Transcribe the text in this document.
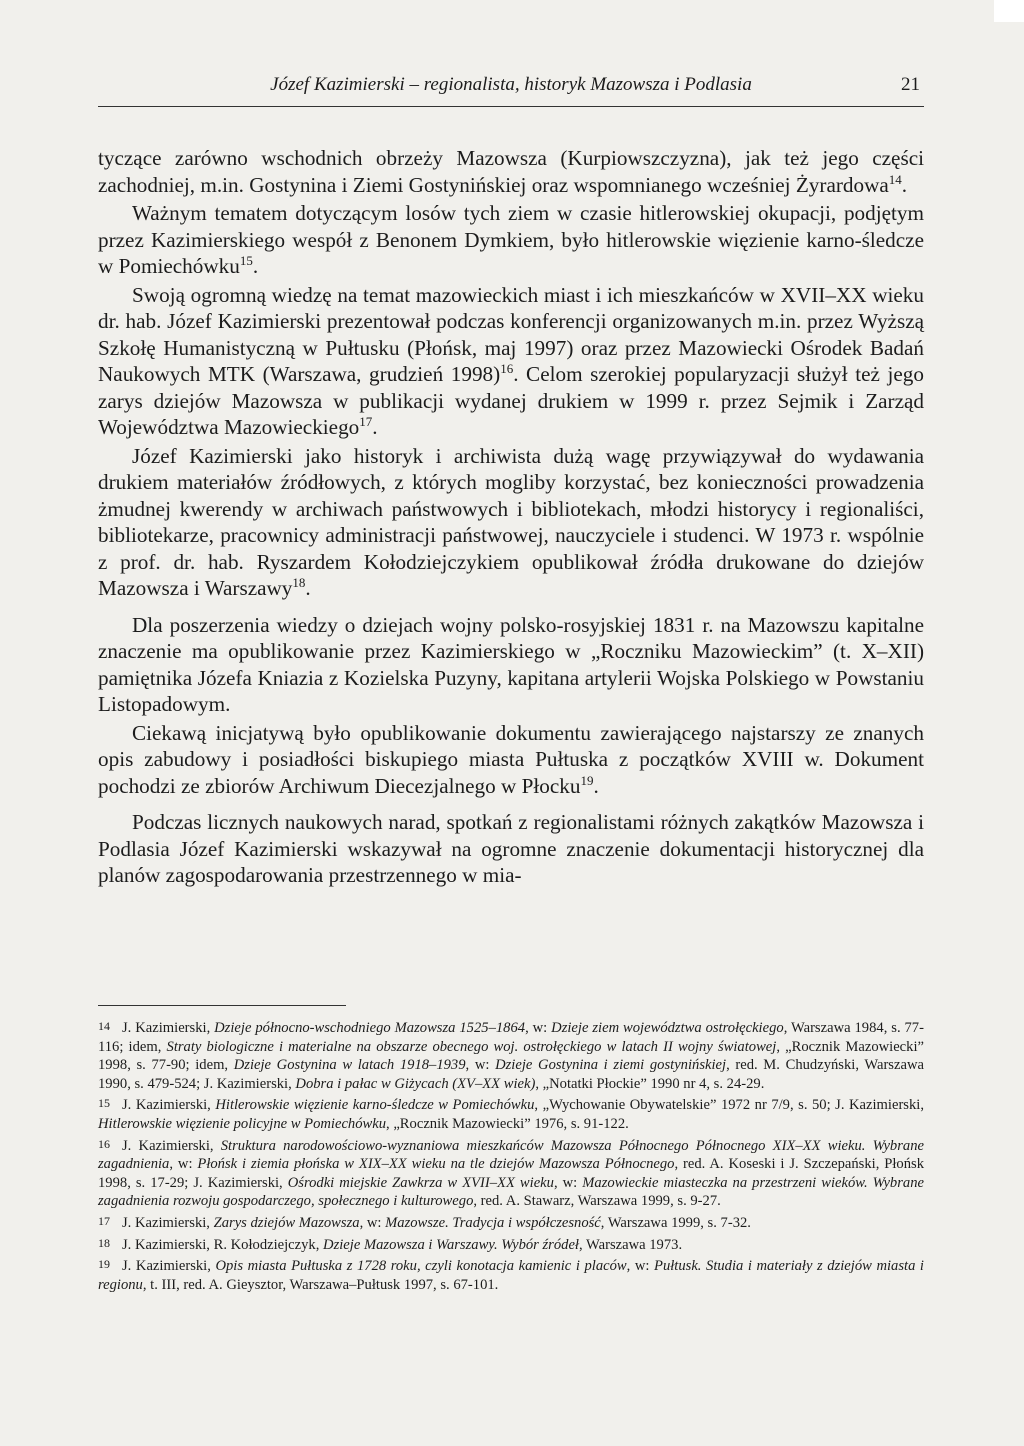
Józef Kazimierski – regionalista, historyk Mazowsza i Podlasia	21

tyczące zarówno wschodnich obrzeży Mazowsza (Kurpiowszczyzna), jak też jego części zachodniej, m.in. Gostynina i Ziemi Gostynińskiej oraz wspomnianego wcześniej Żyrardowa$^{14}$.

Ważnym tematem dotyczącym losów tych ziem w czasie hitlerowskiej okupacji, podjętym przez Kazimierskiego wespół z Benonem Dymkiem, było hitlerowskie więzienie karno-śledcze w Pomiechówku$^{15}$.

Swoją ogromną wiedzę na temat mazowieckich miast i ich mieszkańców w XVII–XX wieku dr. hab. Józef Kazimierski prezentował podczas konferencji organizowanych m.in. przez Wyższą Szkołę Humanistyczną w Pułtusku (Płońsk, maj 1997) oraz przez Mazowiecki Ośrodek Badań Naukowych MTK (Warszawa, grudzień 1998)$^{16}$. Celom szerokiej popularyzacji służył też jego zarys dziejów Mazowsza w publikacji wydanej drukiem w 1999 r. przez Sejmik i Zarząd Województwa Mazowieckiego$^{17}$.

Józef Kazimierski jako historyk i archiwista dużą wagę przywiązywał do wydawania drukiem materiałów źródłowych, z których mogliby korzystać, bez konieczności prowadzenia żmudnej kwerendy w archiwach państwowych i bibliotekach, młodzi historycy i regionaliści, bibliotekarze, pracownicy administracji państwowej, nauczyciele i studenci. W 1973 r. wspólnie z prof. dr. hab. Ryszardem Kołodziejczykiem opublikował źródła drukowane do dziejów Mazowsza i Warszawy$^{18}$.

Dla poszerzenia wiedzy o dziejach wojny polsko-rosyjskiej 1831 r. na Mazowszu kapitalne znaczenie ma opublikowanie przez Kazimierskiego w „Roczniku Mazowieckim” (t. X–XII) pamiętnika Józefa Kniazia z Kozielska Puzyny, kapitana artylerii Wojska Polskiego w Powstaniu Listopadowym.

Ciekawą inicjatywą było opublikowanie dokumentu zawierającego najstarszy ze znanych opis zabudowy i posiadłości biskupiego miasta Pułtuska z początków XVIII w. Dokument pochodzi ze zbiorów Archiwum Diecezjalnego w Płocku$^{19}$.

Podczas licznych naukowych narad, spotkań z regionalistami różnych zakątków Mazowsza i Podlasia Józef Kazimierski wskazywał na ogromne znaczenie dokumentacji historycznej dla planów zagospodarowania przestrzennego w mia-

14 J. Kazimierski, Dzieje północno-wschodniego Mazowsza 1525–1864, w: Dzieje ziem województwa ostrołęckiego, Warszawa 1984, s. 77-116; idem, Straty biologiczne i materialne na obszarze obecnego woj. ostrołęckiego w latach II wojny światowej, „Rocznik Mazowiecki” 1998, s. 77-90; idem, Dzieje Gostynina w latach 1918–1939, w: Dzieje Gostynina i ziemi gostynińskiej, red. M. Chudzyński, Warszawa 1990, s. 479-524; J. Kazimierski, Dobra i pałac w Giżycach (XV–XX wiek), „Notatki Płockie” 1990 nr 4, s. 24-29.

15 J. Kazimierski, Hitlerowskie więzienie karno-śledcze w Pomiechówku, „Wychowanie Obywatelskie” 1972 nr 7/9, s. 50; J. Kazimierski, Hitlerowskie więzienie policyjne w Pomiechówku, „Rocznik Mazowiecki” 1976, s. 91-122.

16 J. Kazimierski, Struktura narodowościowo-wyznaniowa mieszkańców Mazowsza Północnego Północnego XIX–XX wieku. Wybrane zagadnienia, w: Płońsk i ziemia płońska w XIX–XX wieku na tle dziejów Mazowsza Północnego, red. A. Koseski i J. Szczepański, Płońsk 1998, s. 17-29; J. Kazimierski, Ośrodki miejskie Zawkrza w XVII–XX wieku, w: Mazowieckie miasteczka na przestrzeni wieków. Wybrane zagadnienia rozwoju gospodarczego, społecznego i kulturowego, red. A. Stawarz, Warszawa 1999, s. 9-27.

17 J. Kazimierski, Zarys dziejów Mazowsza, w: Mazowsze. Tradycja i współczesność, Warszawa 1999, s. 7-32.

18 J. Kazimierski, R. Kołodziejczyk, Dzieje Mazowsza i Warszawy. Wybór źródeł, Warszawa 1973.

19 J. Kazimierski, Opis miasta Pułtuska z 1728 roku, czyli konotacja kamienic i placów, w: Pułtusk. Studia i materiały z dziejów miasta i regionu, t. III, red. A. Gieysztor, Warszawa–Pułtusk 1997, s. 67-101.
